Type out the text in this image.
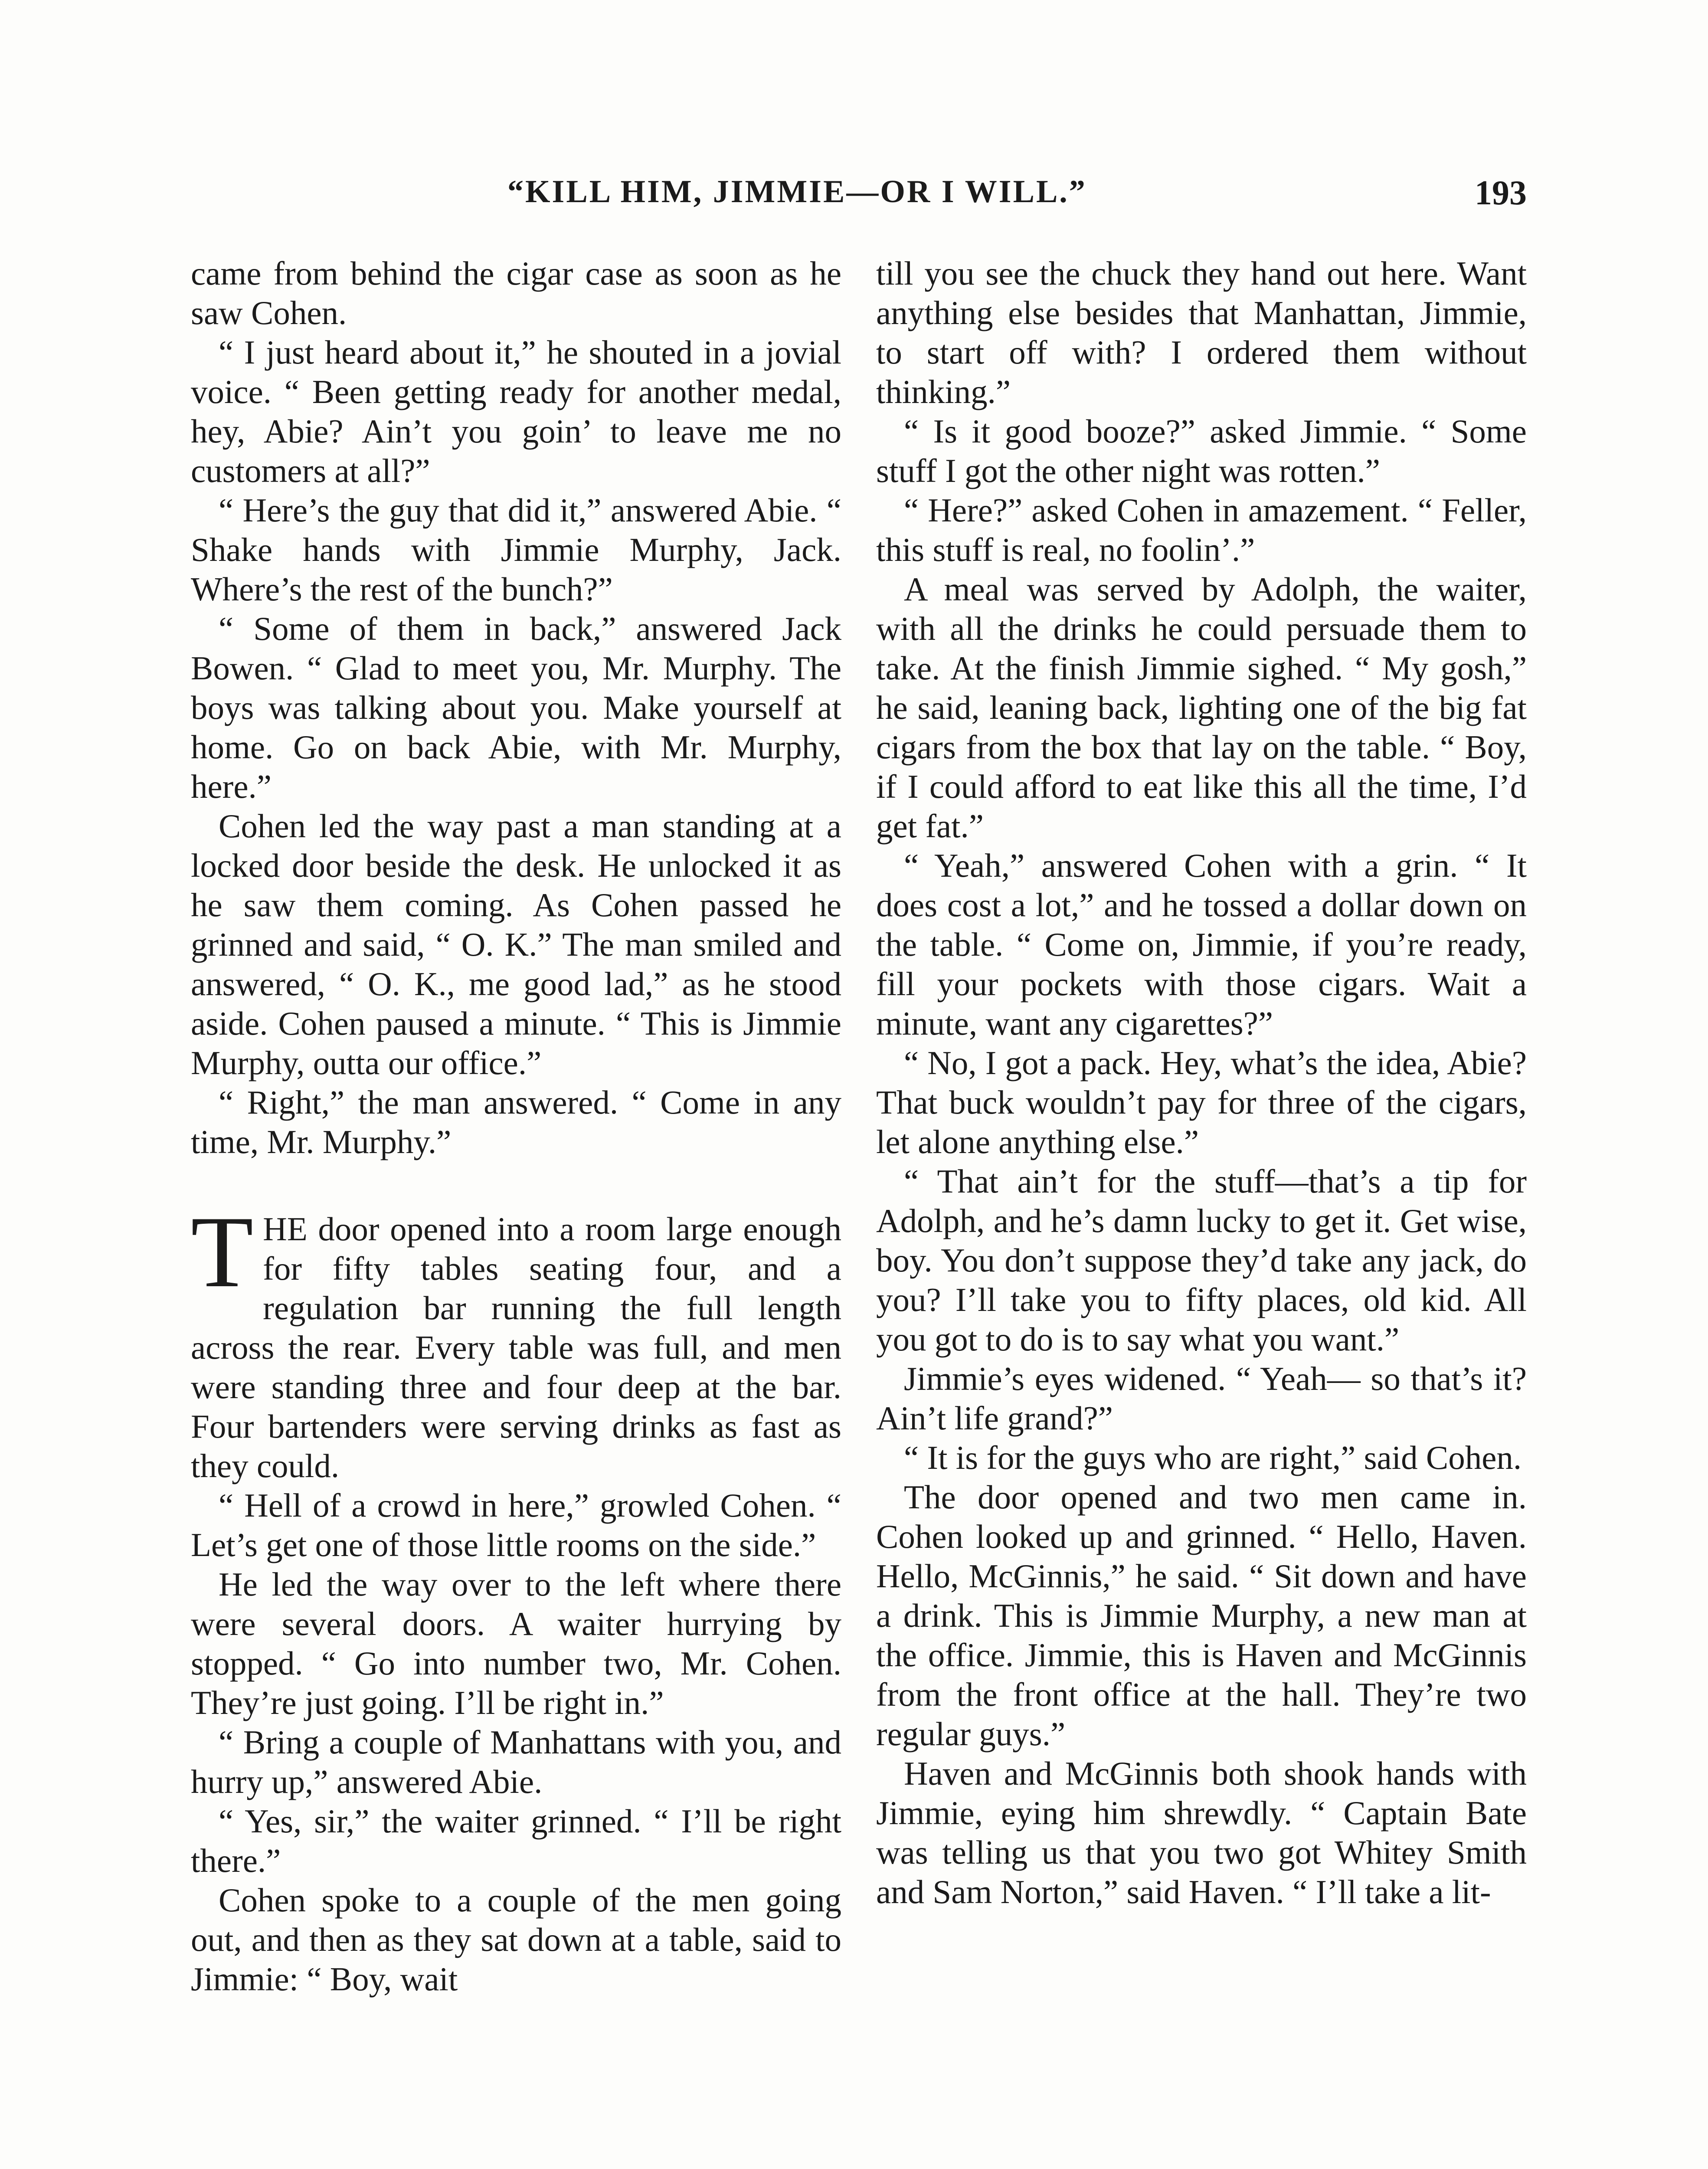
“KILL HIM, JIMMIE—OR I WILL.”	193

came from behind the cigar case as soon as he saw Cohen.

“ I just heard about it,” he shouted in a jovial voice. “ Been getting ready for another medal, hey, Abie? Ain’t you goin’ to leave me no customers at all?”

“ Here’s the guy that did it,” answered Abie. “ Shake hands with Jimmie Murphy, Jack. Where’s the rest of the bunch?”

“ Some of them in back,” answered Jack Bowen. “ Glad to meet you, Mr. Murphy. The boys was talking about you. Make yourself at home. Go on back Abie, with Mr. Murphy, here.”

Cohen led the way past a man standing at a locked door beside the desk. He unlocked it as he saw them coming. As Cohen passed he grinned and said, “ O. K.” The man smiled and answered, “ O. K., me good lad,” as he stood aside. Cohen paused a minute. “ This is Jimmie Murphy, outta our office.”

“ Right,” the man answered. “ Come in any time, Mr. Murphy.”

THE door opened into a room large enough for fifty tables seating four, and a regulation bar running the full length across the rear. Every table was full, and men were standing three and four deep at the bar. Four bartenders were serving drinks as fast as they could.

“ Hell of a crowd in here,” growled Cohen. “ Let’s get one of those little rooms on the side.”

He led the way over to the left where there were several doors. A waiter hurrying by stopped. “ Go into number two, Mr. Cohen. They’re just going. I’ll be right in.”

“ Bring a couple of Manhattans with you, and hurry up,” answered Abie.

“ Yes, sir,” the waiter grinned. “ I’ll be right there.”

Cohen spoke to a couple of the men going out, and then as they sat down at a table, said to Jimmie: “ Boy, wait

till you see the chuck they hand out here. Want anything else besides that Manhattan, Jimmie, to start off with? I ordered them without thinking.”

“ Is it good booze?” asked Jimmie. “ Some stuff I got the other night was rotten.”

“ Here?” asked Cohen in amazement. “ Feller, this stuff is real, no foolin’.”

A meal was served by Adolph, the waiter, with all the drinks he could persuade them to take. At the finish Jimmie sighed. “ My gosh,” he said, leaning back, lighting one of the big fat cigars from the box that lay on the table. “ Boy, if I could afford to eat like this all the time, I’d get fat.”

“ Yeah,” answered Cohen with a grin. “ It does cost a lot,” and he tossed a dollar down on the table. “ Come on, Jimmie, if you’re ready, fill your pockets with those cigars. Wait a minute, want any cigarettes?”

“ No, I got a pack. Hey, what’s the idea, Abie? That buck wouldn’t pay for three of the cigars, let alone anything else.”

“ That ain’t for the stuff—that’s a tip for Adolph, and he’s damn lucky to get it. Get wise, boy. You don’t suppose they’d take any jack, do you? I’ll take you to fifty places, old kid. All you got to do is to say what you want.”

Jimmie’s eyes widened. “ Yeah— so that’s it? Ain’t life grand?”

“ It is for the guys who are right,” said Cohen.

The door opened and two men came in. Cohen looked up and grinned. “ Hello, Haven. Hello, McGinnis,” he said. “ Sit down and have a drink. This is Jimmie Murphy, a new man at the office. Jimmie, this is Haven and McGinnis from the front office at the hall. They’re two regular guys.”

Haven and McGinnis both shook hands with Jimmie, eying him shrewdly. “ Captain Bate was telling us that you two got Whitey Smith and Sam Norton,” said Haven. “ I’ll take a lit-
